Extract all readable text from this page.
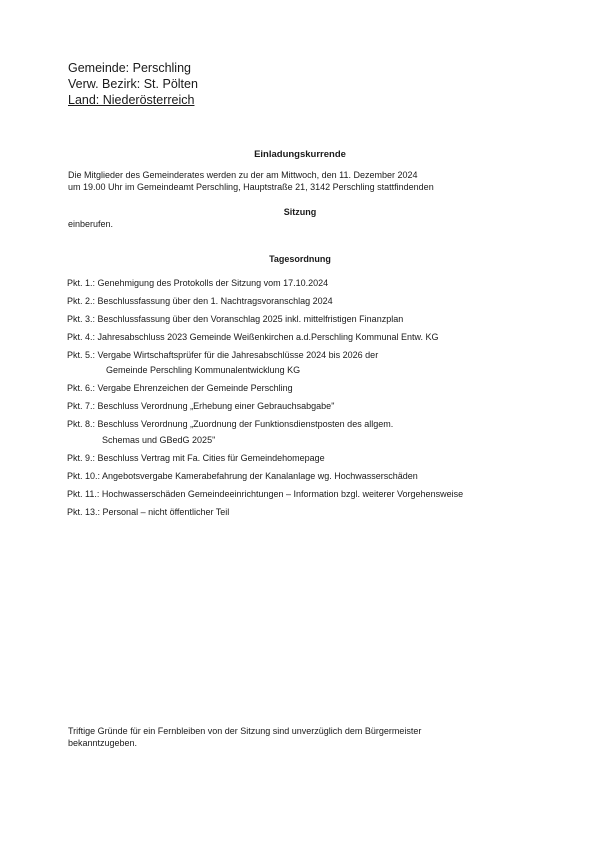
Gemeinde: Perschling
Verw. Bezirk: St. Pölten
Land: Niederösterreich
Einladungskurrende
Die Mitglieder des Gemeinderates werden zu der am Mittwoch, den 11. Dezember 2024
um 19.00 Uhr im Gemeindeamt Perschling, Hauptstraße 21, 3142 Perschling stattfindenden
Sitzung
einberufen.
Tagesordnung
Pkt. 1.: Genehmigung des Protokolls der Sitzung vom 17.10.2024
Pkt. 2.: Beschlussfassung über den 1. Nachtragsvoranschlag 2024
Pkt. 3.: Beschlussfassung über den Voranschlag 2025 inkl. mittelfristigen Finanzplan
Pkt. 4.: Jahresabschluss 2023 Gemeinde Weißenkirchen a.d.Perschling Kommunal Entw. KG
Pkt. 5.: Vergabe Wirtschaftsprüfer für die Jahresabschlüsse 2024 bis 2026 der
Gemeinde Perschling Kommunalentwicklung KG
Pkt. 6.: Vergabe Ehrenzeichen der Gemeinde Perschling
Pkt. 7.: Beschluss Verordnung „Erhebung einer Gebrauchsabgabe"
Pkt. 8.: Beschluss Verordnung „Zuordnung der Funktionsdienstposten des allgem.
Schemas und GBedG 2025"
Pkt. 9.: Beschluss Vertrag mit Fa. Cities für Gemeindehomepage
Pkt. 10.: Angebotsvergabe Kamerabefahrung der Kanalanlage wg. Hochwasserschäden
Pkt. 11.: Hochwasserschäden Gemeindeeinrichtungen – Information bzgl. weiterer Vorgehensweise
Pkt. 13.: Personal – nicht öffentlicher Teil
Triftige Gründe für ein Fernbleiben von der Sitzung sind unverzüglich dem Bürgermeister
bekanntzugeben.
